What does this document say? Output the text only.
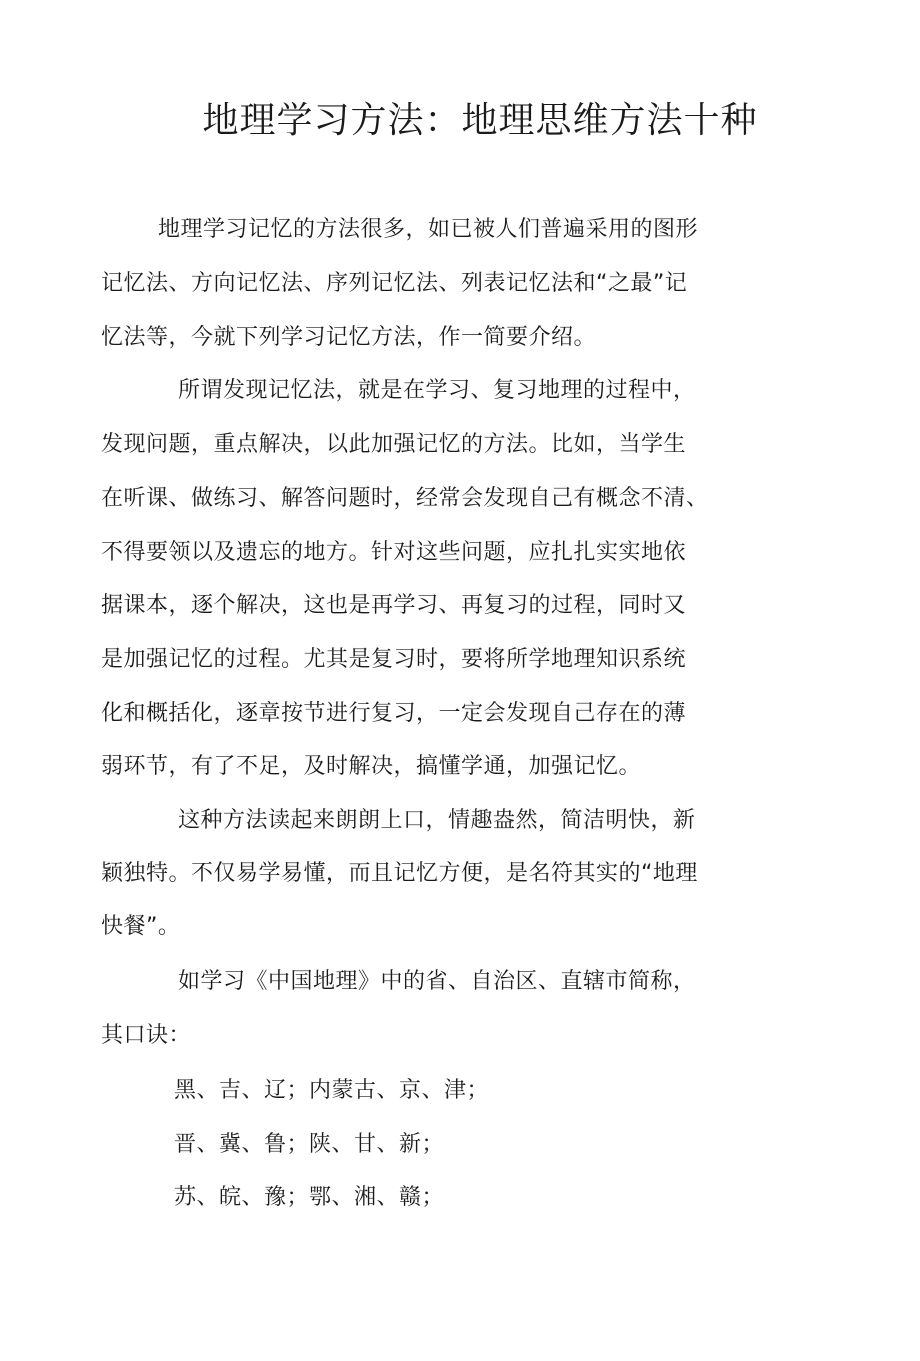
地理学习方法：地理思维方法十种

地理学习记忆的方法很多，如已被人们普遍采用的图形

记忆法、方向记忆法、序列记忆法、列表记忆法和“之最”记

忆法等，今就下列学习记忆方法，作一简要介绍。

所谓发现记忆法，就是在学习、复习地理的过程中，

发现问题，重点解决，以此加强记忆的方法。比如，当学生

在听课、做练习、解答问题时，经常会发现自己有概念不清、

不得要领以及遗忘的地方。针对这些问题，应扎扎实实地依

据课本，逐个解决，这也是再学习、再复习的过程，同时又

是加强记忆的过程。尤其是复习时，要将所学地理知识系统

化和概括化，逐章按节进行复习，一定会发现自己存在的薄

弱环节，有了不足，及时解决，搞懂学通，加强记忆。

这种方法读起来朗朗上口，情趣盎然，简洁明快，新

颖独特。不仅易学易懂，而且记忆方便，是名符其实的“地理

快餐”。

如学习《中国地理》中的省、自治区、直辖市简称，

其口诀：

黑、吉、辽；内蒙古、京、津；

晋、冀、鲁；陕、甘、新；

苏、皖、豫；鄂、湘、赣；
